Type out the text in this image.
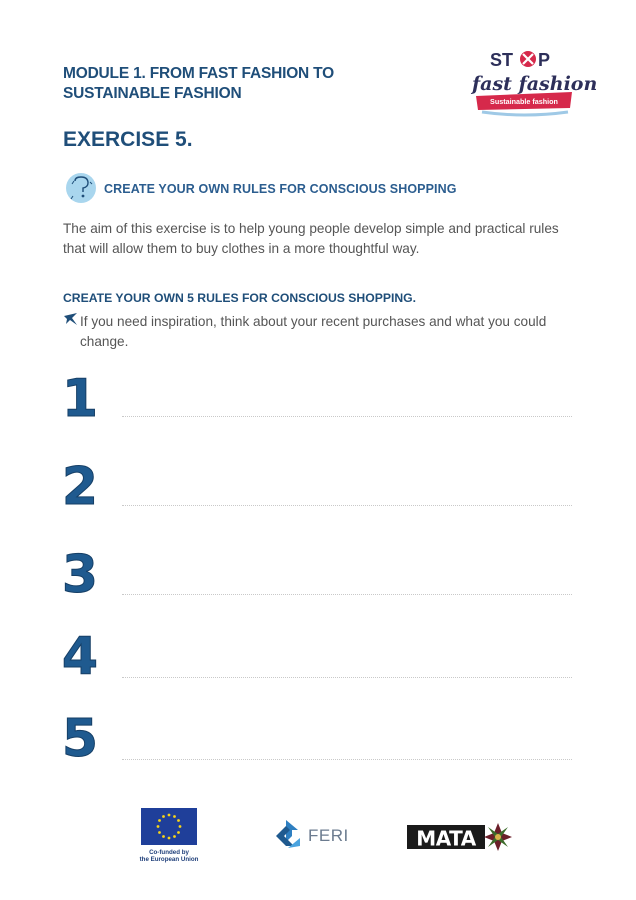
MODULE 1. FROM FAST FASHION TO SUSTAINABLE FASHION
ST P
fast fashion
Sustainable fashion
EXERCISE 5.
CREATE YOUR OWN RULES FOR CONSCIOUS SHOPPING
The aim of this exercise is to help young people develop simple and practical rules that will allow them to buy clothes in a more thoughtful way.
CREATE YOUR OWN 5 RULES FOR CONSCIOUS SHOPPING.
If you need inspiration, think about your recent purchases and what you could change.
1
2
3
4
5
Co-funded by
the European Union
FERI	MATA
